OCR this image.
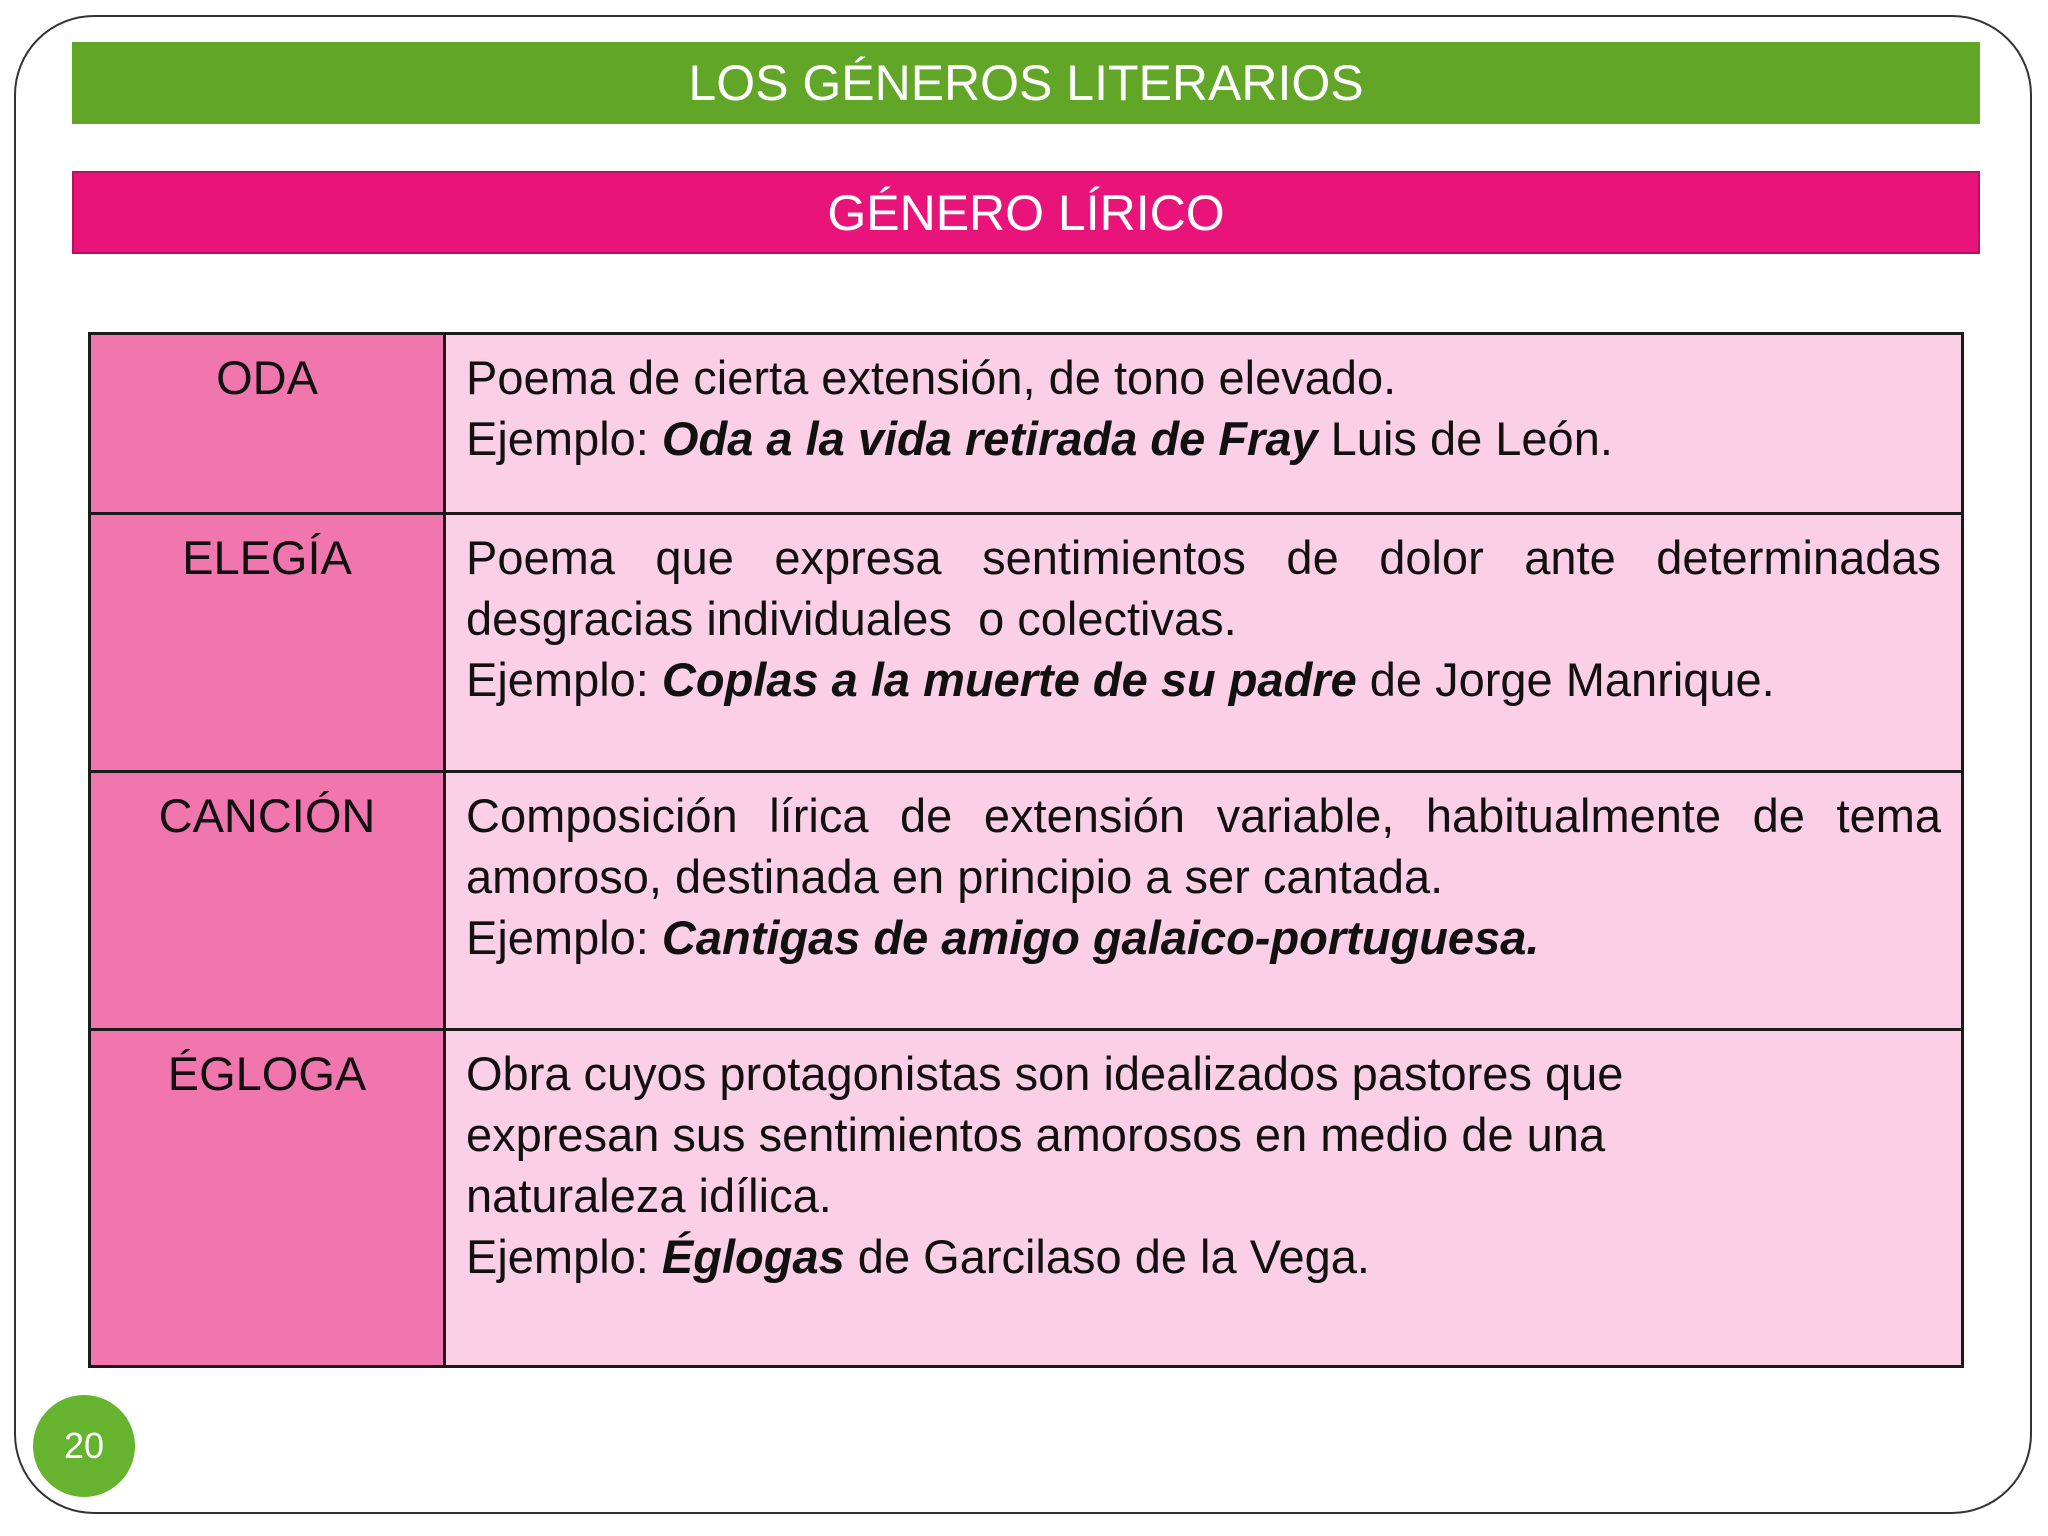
LOS GÉNEROS LITERARIOS
GÉNERO LÍRICO
ODA	Poema de cierta extensión, de tono elevado.
Ejemplo: Oda a la vida retirada de Fray Luis de León.

ELEGÍA	Poema que expresa sentimientos de dolor ante determinadas
desgracias individuales  o colectivas.
Ejemplo: Coplas a la muerte de su padre de Jorge Manrique.

CANCIÓN	Composición lírica de extensión variable, habitualmente de tema
amoroso, destinada en principio a ser cantada.
Ejemplo: Cantigas de amigo galaico-portuguesa.

ÉGLOGA	Obra cuyos protagonistas son idealizados pastores que
expresan sus sentimientos amorosos en medio de una
naturaleza idílica.
Ejemplo: Églogas de Garcilaso de la Vega.
20
